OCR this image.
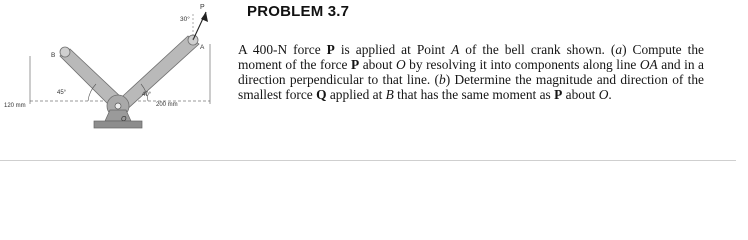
P
30°
A
B
O
45°	40°
120 mm	200 mm
PROBLEM 3.7

A 400-N force P is applied at Point A of the bell crank shown. (a) Compute the moment of the force P about O by resolving it into components along line OA and in a direction perpendicular to that line. (b) Determine the magnitude and direction of the smallest force Q applied at B that has the same moment as P about O.
